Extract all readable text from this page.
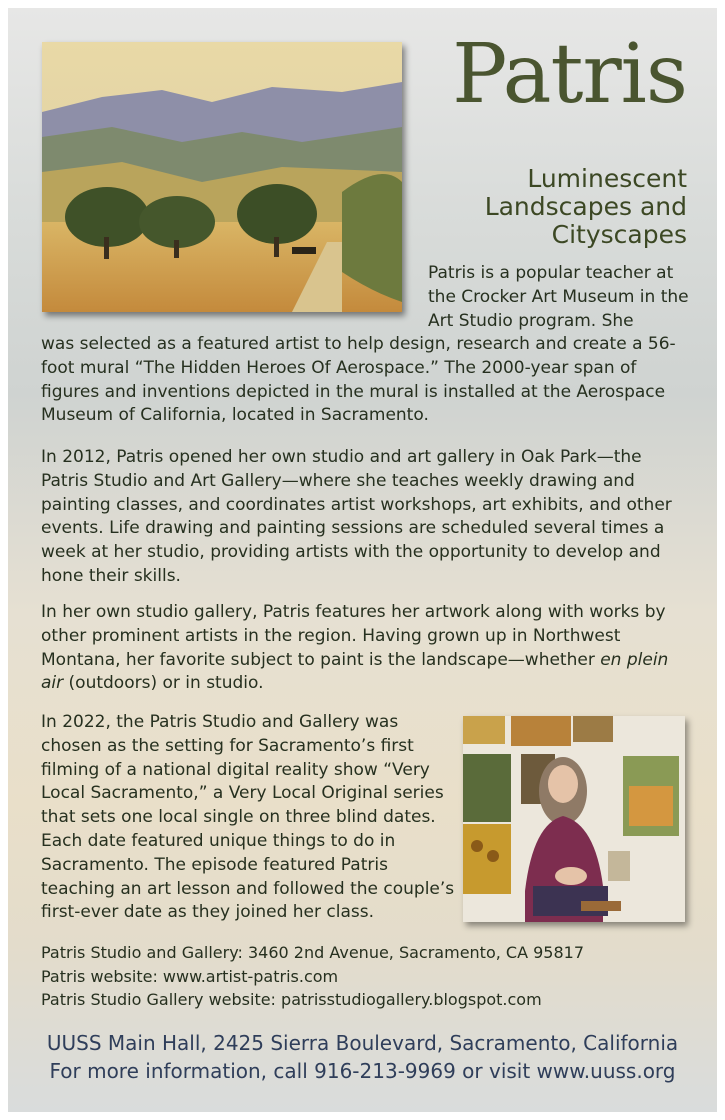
Patris
Luminescent
Landscapes and
Cityscapes
Patris is a popular teacher at the Crocker Art Museum in the Art Studio program. She

was selected as a featured artist to help design, research and create a 56-foot mural “The Hidden Heroes Of Aerospace.” The 2000-year span of figures and inventions depicted in the mural is installed at the Aerospace Museum of California, located in Sacramento.

In 2012, Patris opened her own studio and art gallery in Oak Park—the Patris Studio and Art Gallery—where she teaches weekly drawing and painting classes, and coordinates artist workshops, art exhibits, and other events. Life drawing and painting sessions are scheduled several times a week at her studio, providing artists with the opportunity to develop and hone their skills.

In her own studio gallery, Patris features her artwork along with works by other prominent artists in the region. Having grown up in Northwest Montana, her favorite subject to paint is the landscape—whether en plein air (outdoors) or in studio.

In 2022, the Patris Studio and Gallery was chosen as the setting for Sacramento’s first filming of a national digital reality show “Very Local Sacramento,” a Very Local Original series that sets one local single on three blind dates. Each date featured unique things to do in Sacramento. The episode featured Patris teaching an art lesson and followed the couple’s first-ever date as they joined her class.

Patris Studio and Gallery: 3460 2nd Avenue, Sacramento, CA 95817
Patris website: www.artist-patris.com
Patris Studio Gallery website: patrisstudiogallery.blogspot.com
UUSS Main Hall, 2425 Sierra Boulevard, Sacramento, California
For more information, call 916-213-9969 or visit www.uuss.org
